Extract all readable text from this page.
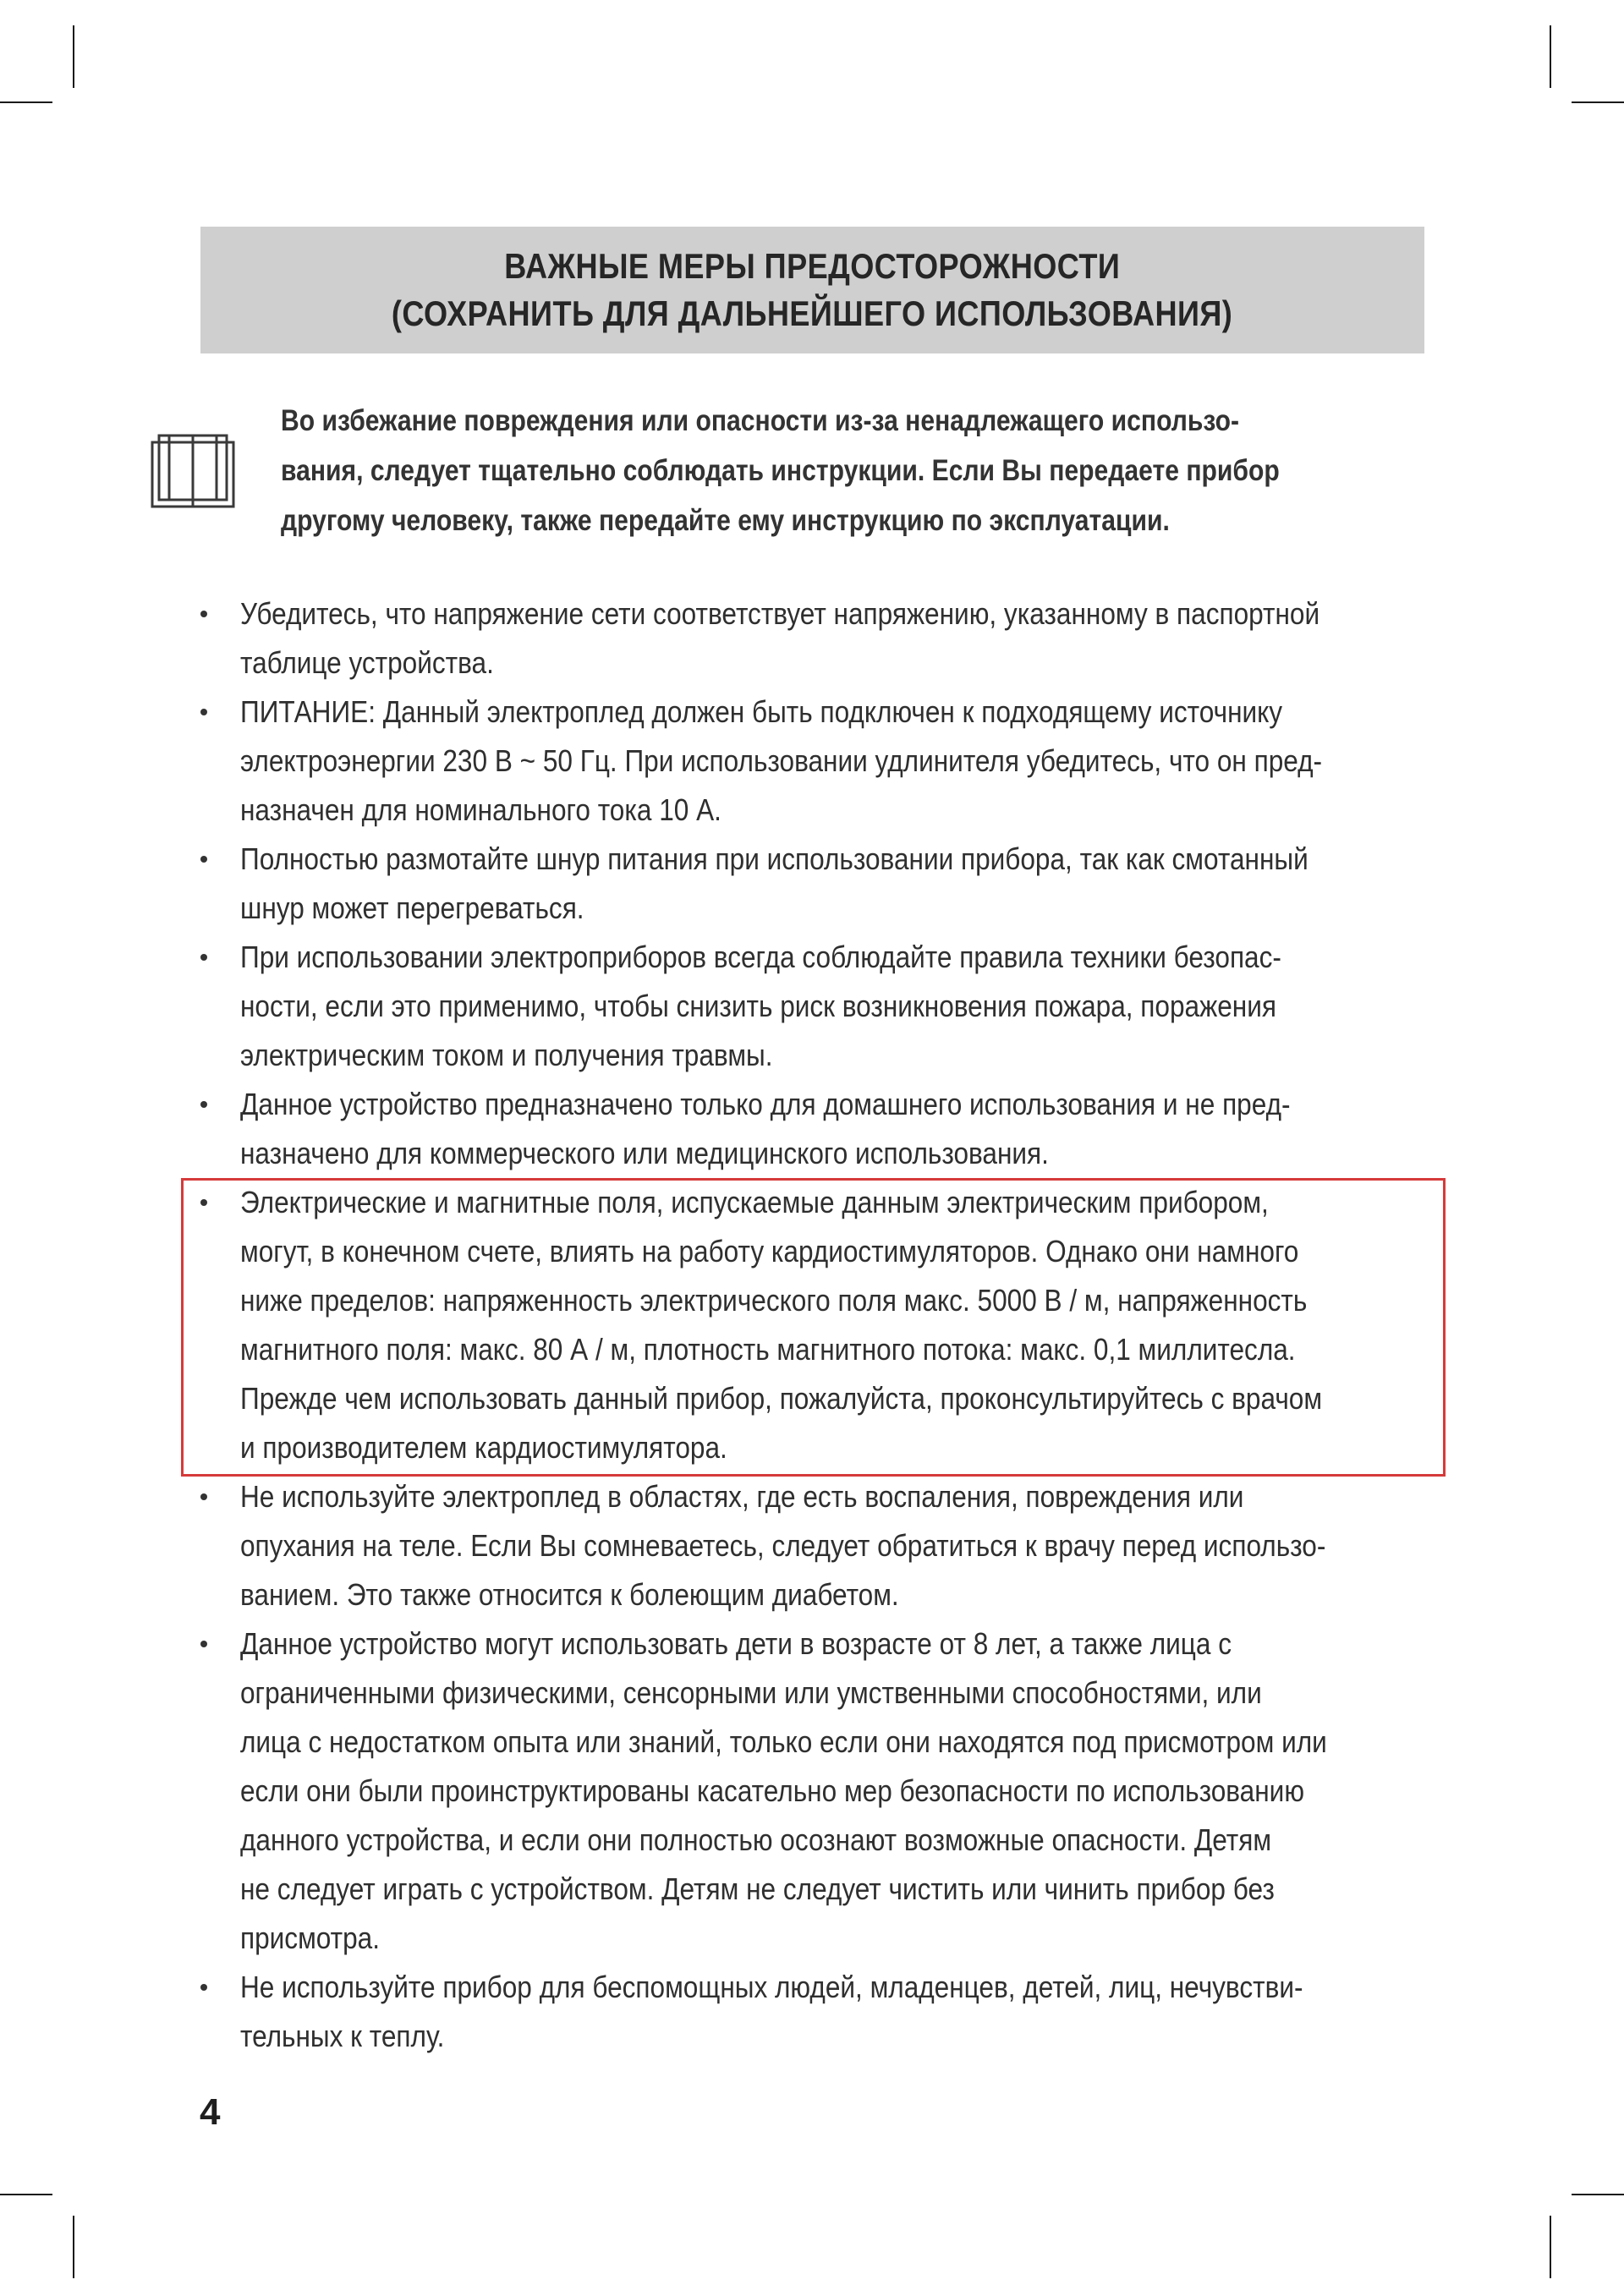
ВАЖНЫЕ МЕРЫ ПРЕДОСТОРОЖНОСТИ
(СОХРАНИТЬ ДЛЯ ДАЛЬНЕЙШЕГО ИСПОЛЬЗОВАНИЯ)
Во избежание повреждения или опасности из-за ненадлежащего использо-
вания, следует тщательно соблюдать инструкции. Если Вы передаете прибор
другому человеку, также передайте ему инструкцию по эксплуатации.
Убедитесь, что напряжение сети соответствует напряжению, указанному в паспортной
таблице устройства.
ПИТАНИЕ: Данный электроплед должен быть подключен к подходящему источнику
электроэнергии 230 В ~ 50 Гц. При использовании удлинителя убедитесь, что он пред-
назначен для номинального тока 10 А.
Полностью размотайте шнур питания при использовании прибора, так как смотанный
шнур может перегреваться.
При использовании электроприборов всегда соблюдайте правила техники безопас-
ности, если это применимо, чтобы снизить риск возникновения пожара, поражения
электрическим током и получения травмы.
Данное устройство предназначено только для домашнего использования и не пред-
назначено для коммерческого или медицинского использования.
Электрические и магнитные поля, испускаемые данным электрическим прибором,
могут, в конечном счете, влиять на работу кардиостимуляторов. Однако они намного
ниже пределов: напряженность электрического поля макс. 5000 В / м, напряженность
магнитного поля: макс. 80 А / м, плотность магнитного потока: макс. 0,1 миллитесла.
Прежде чем использовать данный прибор, пожалуйста, проконсультируйтесь с врачом
и производителем кардиостимулятора.
Не используйте электроплед в областях, где есть воспаления, повреждения или
опухания на теле. Если Вы сомневаетесь, следует обратиться к врачу перед использо-
ванием. Это также относится к болеющим диабетом.
Данное устройство могут использовать дети в возрасте от 8 лет, а также лица с
ограниченными физическими, сенсорными или умственными способностями, или
лица с недостатком опыта или знаний, только если они находятся под присмотром или
если они были проинструктированы касательно мер безопасности по использованию
данного устройства, и если они полностью осознают возможные опасности. Детям
не следует играть с устройством. Детям не следует чистить или чинить прибор без
присмотра.
Не используйте прибор для беспомощных людей, младенцев, детей, лиц, нечувстви-
тельных к теплу.
4
